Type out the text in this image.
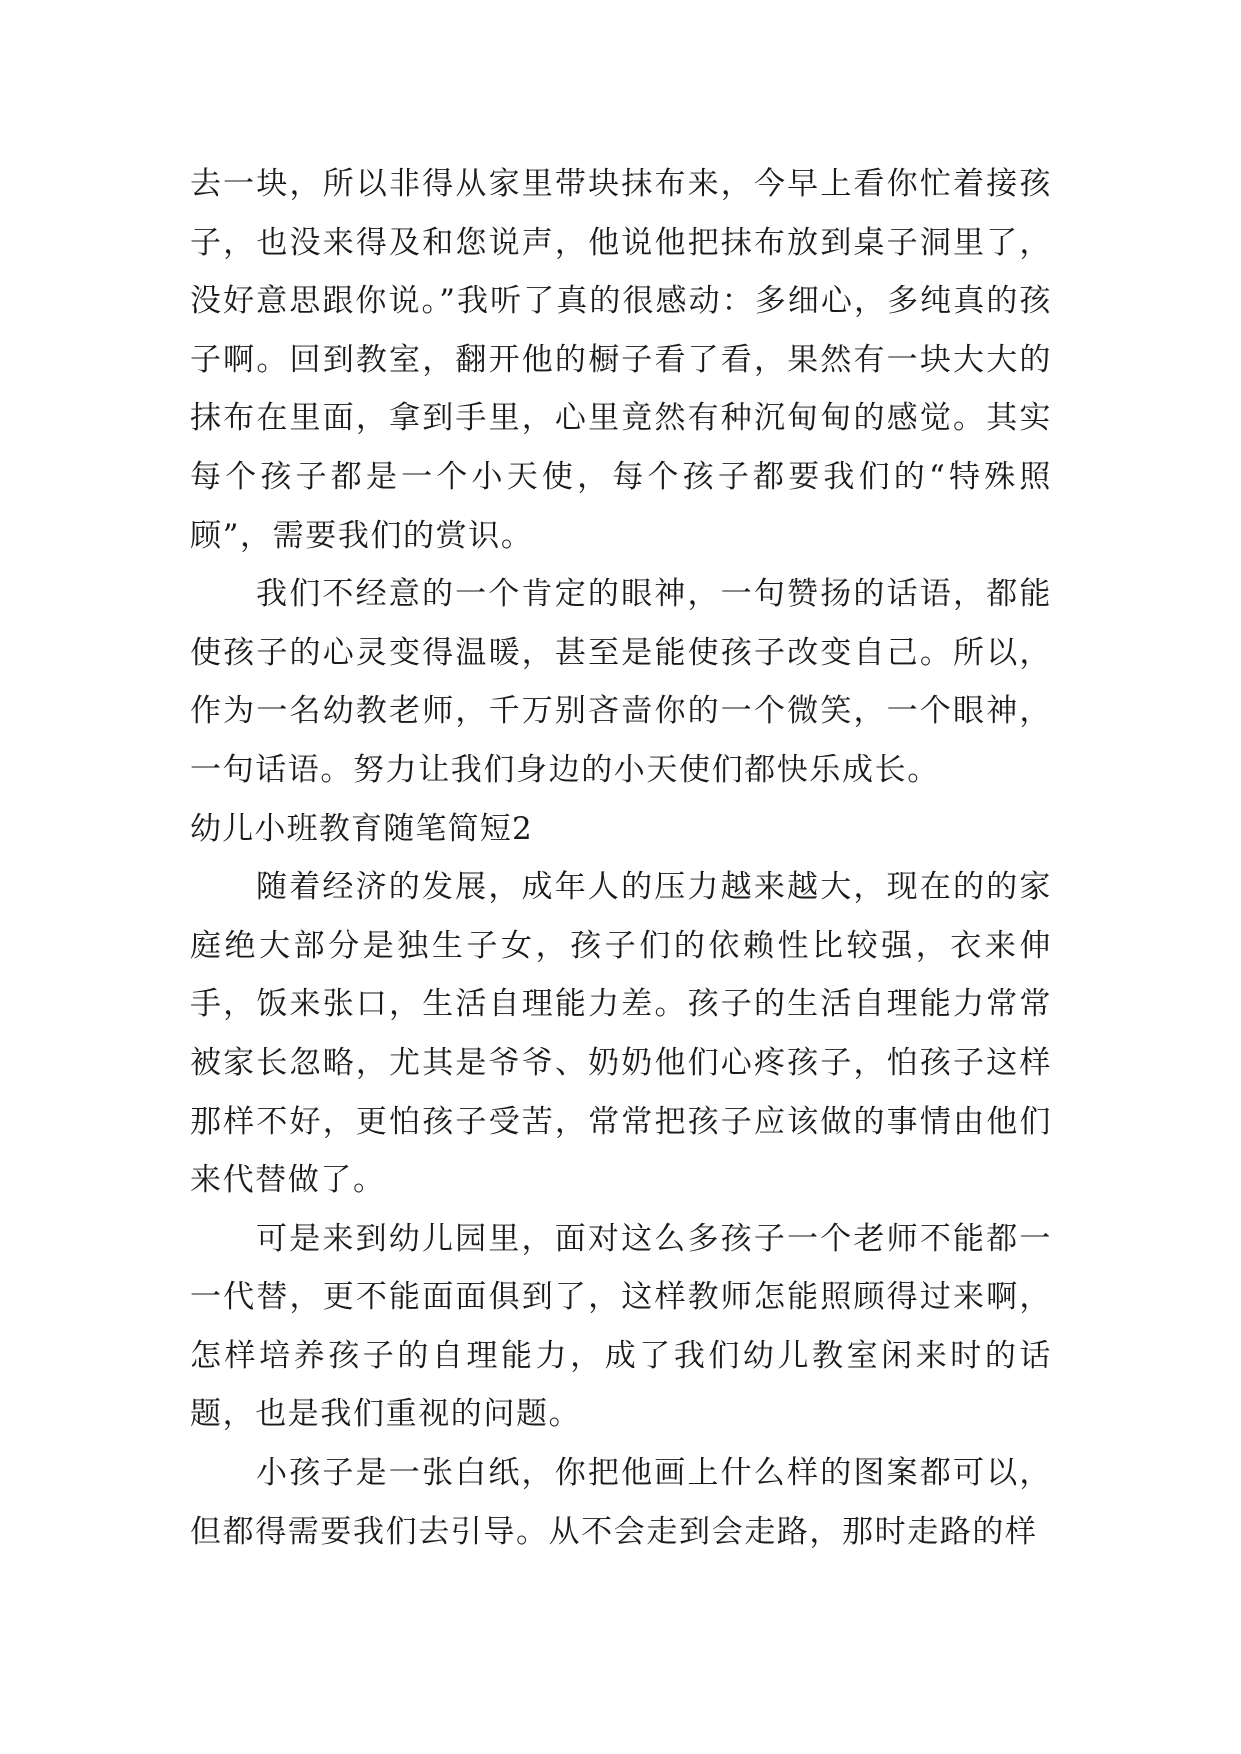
去一块，所以非得从家里带块抹布来，今早上看你忙着接孩子，也没来得及和您说声，他说他把抹布放到桌子洞里了，没好意思跟你说。”我听了真的很感动：多细心，多纯真的孩子啊。回到教室，翻开他的橱子看了看，果然有一块大大的抹布在里面，拿到手里，心里竟然有种沉甸甸的感觉。其实每个孩子都是一个小天使，每个孩子都要我们的“特殊照顾”，需要我们的赏识。

我们不经意的一个肯定的眼神，一句赞扬的话语，都能使孩子的心灵变得温暖，甚至是能使孩子改变自己。所以，作为一名幼教老师，千万别吝啬你的一个微笑，一个眼神，一句话语。努力让我们身边的小天使们都快乐成长。

幼儿小班教育随笔简短2

随着经济的发展，成年人的压力越来越大，现在的的家庭绝大部分是独生子女，孩子们的依赖性比较强，衣来伸手，饭来张口，生活自理能力差。孩子的生活自理能力常常被家长忽略，尤其是爷爷、奶奶他们心疼孩子，怕孩子这样那样不好，更怕孩子受苦，常常把孩子应该做的事情由他们来代替做了。

可是来到幼儿园里，面对这么多孩子一个老师不能都一一代替，更不能面面俱到了，这样教师怎能照顾得过来啊，怎样培养孩子的自理能力，成了我们幼儿教室闲来时的话题，也是我们重视的问题。

小孩子是一张白纸，你把他画上什么样的图案都可以，但都得需要我们去引导。从不会走到会走路，那时走路的样
